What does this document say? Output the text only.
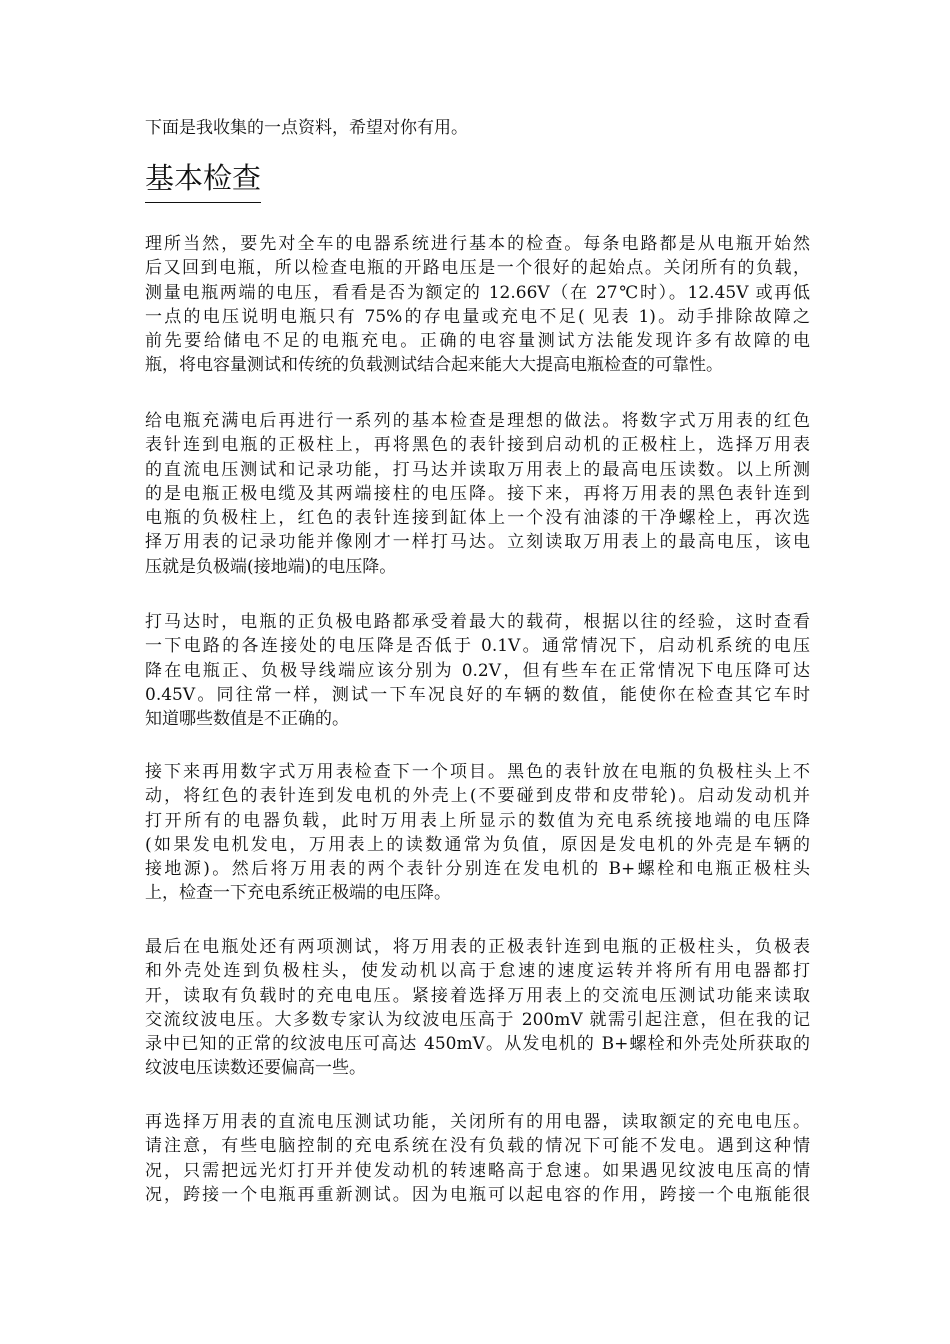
下面是我收集的一点资料，希望对你有用。
基本检查

理所当然，要先对全车的电器系统进行基本的检查。每条电路都是从电瓶开始然
后又回到电瓶，所以检查电瓶的开路电压是一个很好的起始点。关闭所有的负载，
测量电瓶两端的电压，看看是否为额定的 12.66V（在 27℃时）。12.45V 或再低
一点的电压说明电瓶只有 75%的存电量或充电不足( 见表 1)。动手排除故障之
前先要给储电不足的电瓶充电。正确的电容量测试方法能发现许多有故障的电
瓶，将电容量测试和传统的负载测试结合起来能大大提高电瓶检查的可靠性。

给电瓶充满电后再进行一系列的基本检查是理想的做法。将数字式万用表的红色
表针连到电瓶的正极柱上，再将黑色的表针接到启动机的正极柱上，选择万用表
的直流电压测试和记录功能，打马达并读取万用表上的最高电压读数。以上所测
的是电瓶正极电缆及其两端接柱的电压降。接下来，再将万用表的黑色表针连到
电瓶的负极柱上，红色的表针连接到缸体上一个没有油漆的干净螺栓上，再次选
择万用表的记录功能并像刚才一样打马达。立刻读取万用表上的最高电压，该电
压就是负极端(接地端)的电压降。

打马达时，电瓶的正负极电路都承受着最大的载荷，根据以往的经验，这时查看
一下电路的各连接处的电压降是否低于 0.1V。通常情况下，启动机系统的电压
降在电瓶正、负极导线端应该分别为 0.2V，但有些车在正常情况下电压降可达
0.45V。同往常一样，测试一下车况良好的车辆的数值，能使你在检查其它车时
知道哪些数值是不正确的。

接下来再用数字式万用表检查下一个项目。黑色的表针放在电瓶的负极柱头上不
动，将红色的表针连到发电机的外壳上(不要碰到皮带和皮带轮)。启动发动机并
打开所有的电器负载，此时万用表上所显示的数值为充电系统接地端的电压降
(如果发电机发电，万用表上的读数通常为负值，原因是发电机的外壳是车辆的
接地源)。然后将万用表的两个表针分别连在发电机的 B+螺栓和电瓶正极柱头
上，检查一下充电系统正极端的电压降。

最后在电瓶处还有两项测试，将万用表的正极表针连到电瓶的正极柱头，负极表
和外壳处连到负极柱头，使发动机以高于怠速的速度运转并将所有用电器都打
开，读取有负载时的充电电压。紧接着选择万用表上的交流电压测试功能来读取
交流纹波电压。大多数专家认为纹波电压高于 200mV 就需引起注意，但在我的记
录中已知的正常的纹波电压可高达 450mV。从发电机的 B+螺栓和外壳处所获取的
纹波电压读数还要偏高一些。

再选择万用表的直流电压测试功能，关闭所有的用电器，读取额定的充电电压。
请注意，有些电脑控制的充电系统在没有负载的情况下可能不发电。遇到这种情
况，只需把远光灯打开并使发动机的转速略高于怠速。如果遇见纹波电压高的情
况，跨接一个电瓶再重新测试。因为电瓶可以起电容的作用，跨接一个电瓶能很
